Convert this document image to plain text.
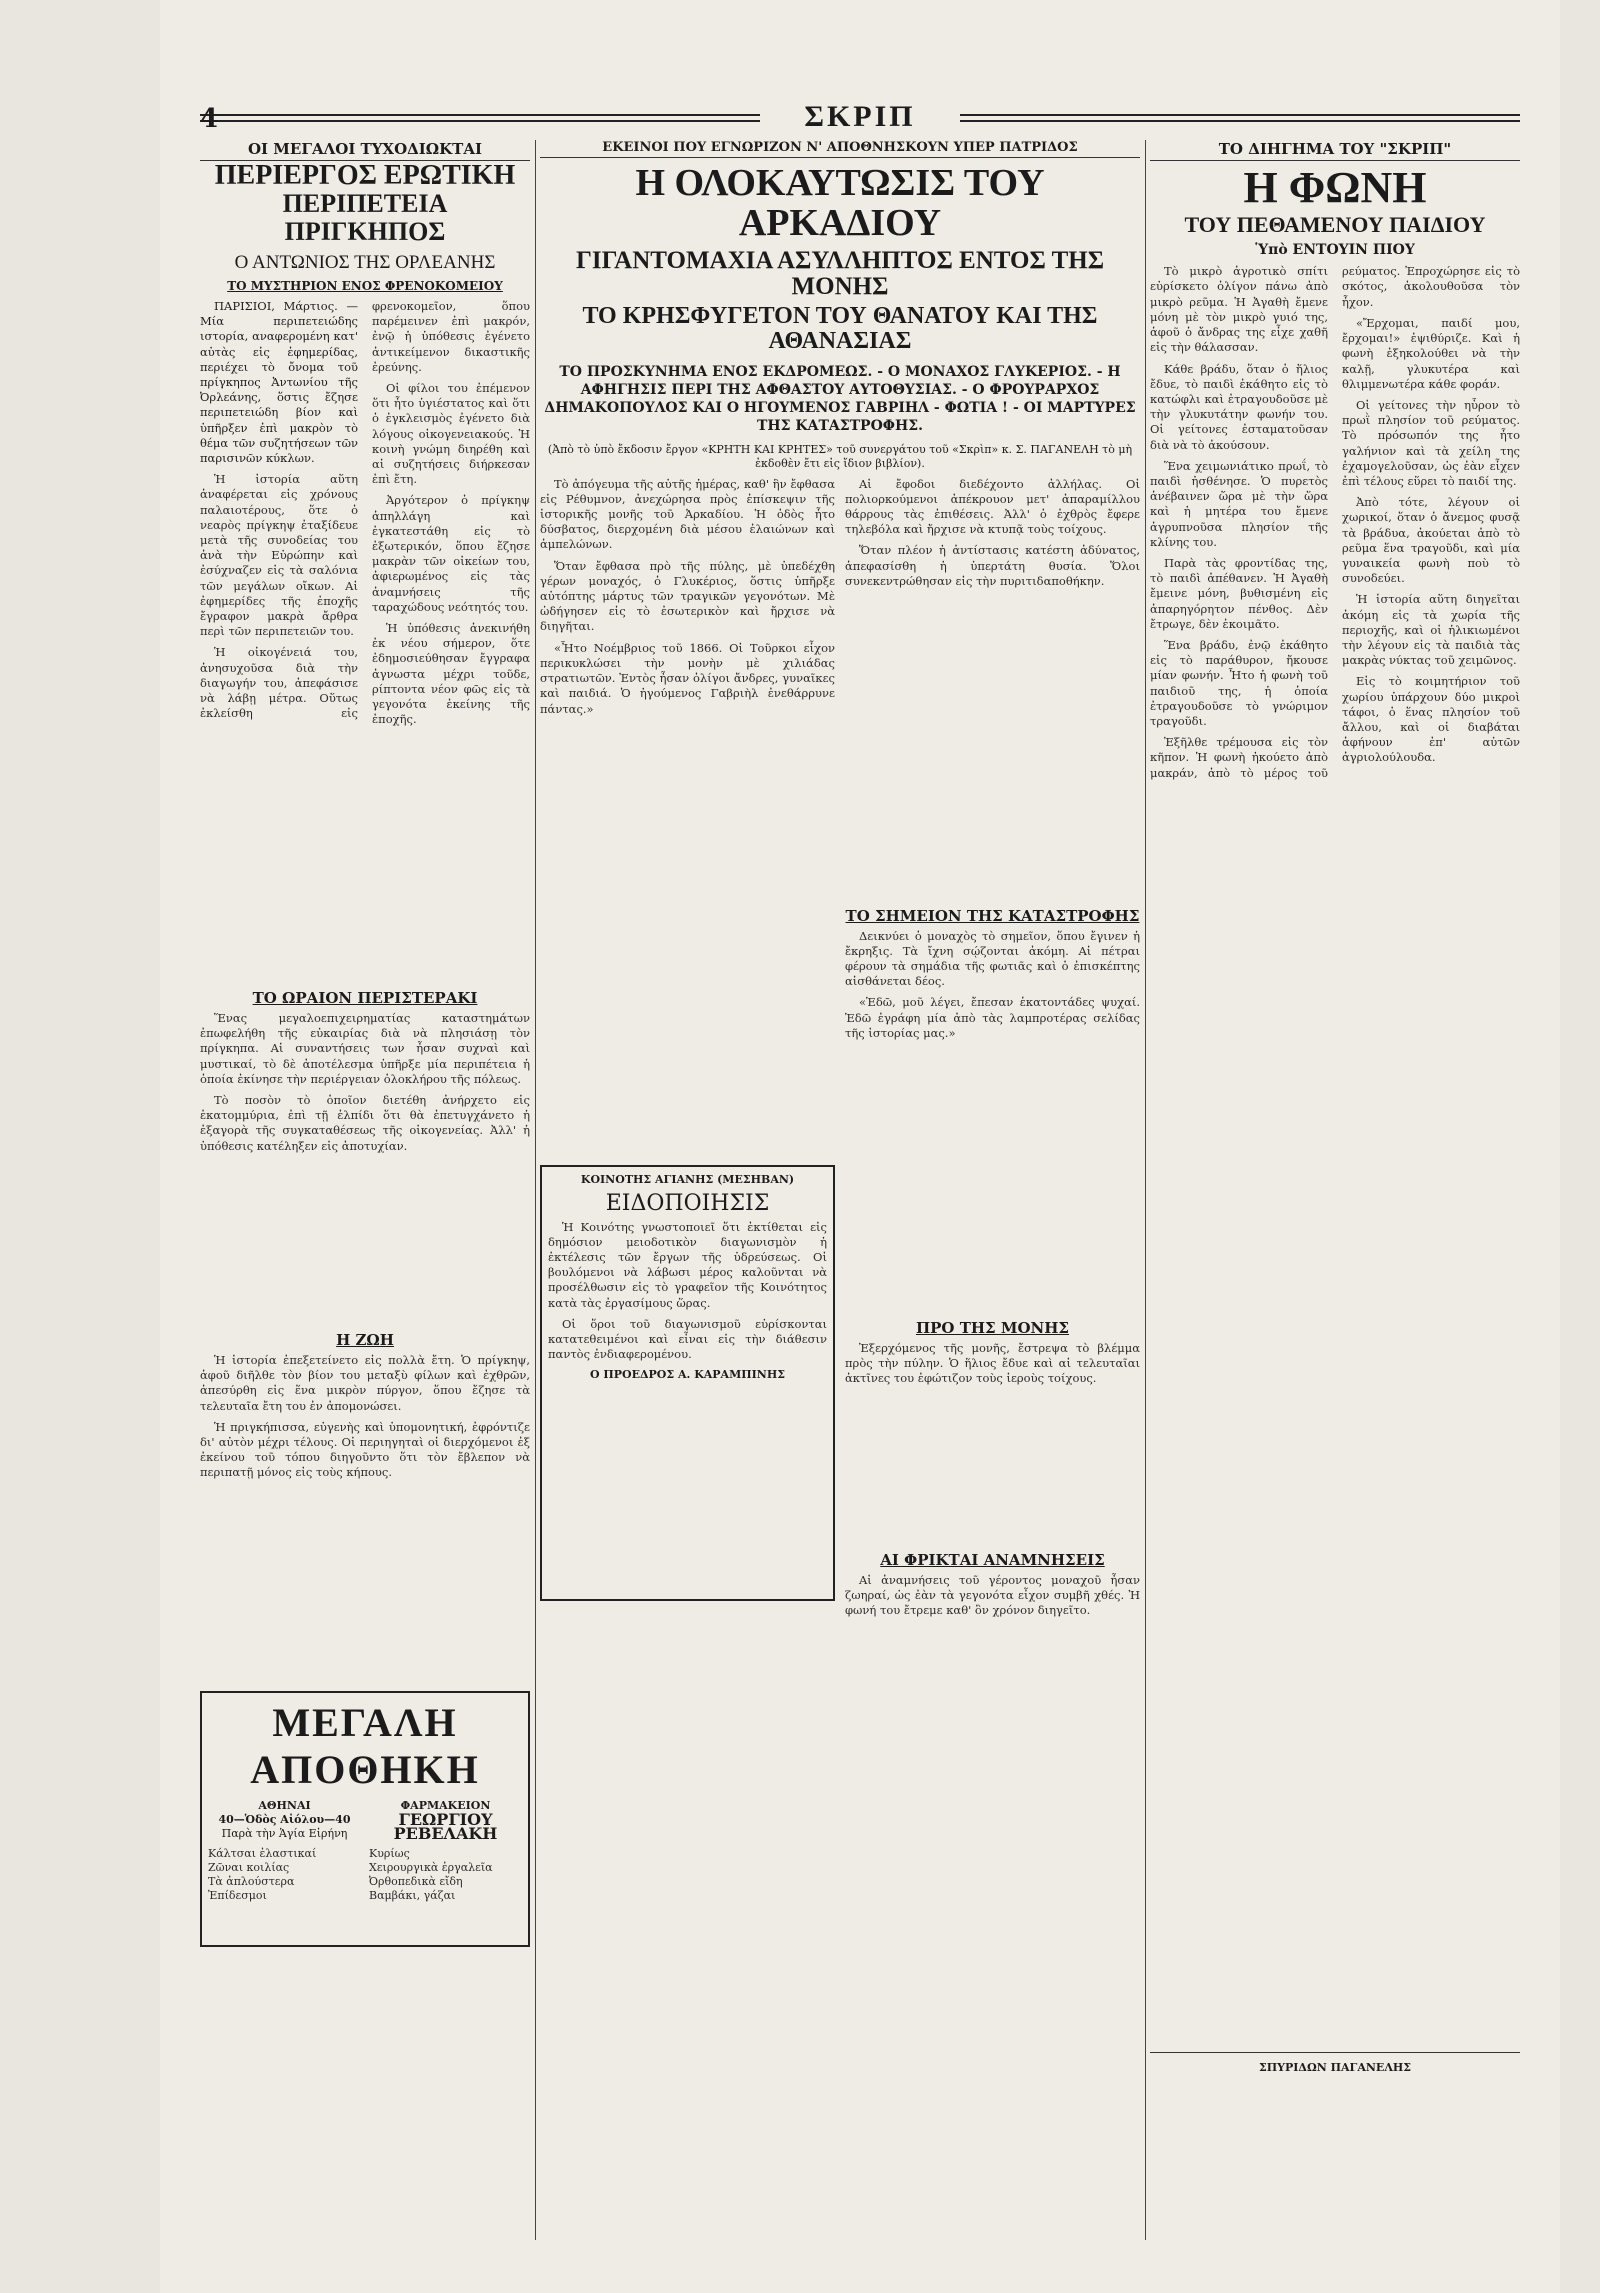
4	ΣΚΡΙΠ
ΟΙ ΜΕΓΑΛΟΙ ΤΥΧΟΔΙΩΚΤΑΙ
ΠΕΡΙΕΡΓΟΣ ΕΡΩΤΙΚΗ
ΠΕΡΙΠΕΤΕΙΑ ΠΡΙΓΚΗΠΟΣ
Ο ΑΝΤΩΝΙΟΣ ΤΗΣ ΟΡΛΕΑΝΗΣ
ΤΟ ΜΥΣΤΗΡΙΟΝ ΕΝΟΣ ΦΡΕΝΟΚΟΜΕΙΟΥ

ΠΑΡΙΣΙΟΙ, Μάρτιος. — Μία περιπετειώδης ιστορία, αναφερομένη κατ' αὐτὰς εἰς ἐφημερίδας, περιέχει τὸ ὄνομα τοῦ πρίγκηπος Ἀντωνίου τῆς Ὀρλεάνης, ὅστις ἔζησε περιπετειώδη βίον καὶ ὑπῆρξεν ἐπὶ μακρὸν τὸ θέμα τῶν συζητήσεων τῶν παρισινῶν κύκλων.

Ἡ ἱστορία αὕτη ἀναφέρεται εἰς χρόνους παλαιοτέρους, ὅτε ὁ νεαρὸς πρίγκηψ ἐταξίδευε μετὰ τῆς συνοδείας του ἀνὰ τὴν Εὐρώπην καὶ ἐσύχναζεν εἰς τὰ σαλόνια τῶν μεγάλων οἴκων. Αἱ ἐφημερίδες τῆς ἐποχῆς ἔγραφον μακρὰ ἄρθρα περὶ τῶν περιπετειῶν του.

Ἡ οἰκογένειά του, ἀνησυχοῦσα διὰ τὴν διαγωγήν του, ἀπεφάσισε νὰ λάβῃ μέτρα. Οὕτως ἐκλείσθη εἰς φρενοκομεῖον, ὅπου παρέμεινεν ἐπὶ μακρόν, ἐνῷ ἡ ὑπόθεσις ἐγένετο ἀντικείμενον δικαστικῆς ἐρεύνης.

Οἱ φίλοι του ἐπέμενον ὅτι ἦτο ὑγιέστατος καὶ ὅτι ὁ ἐγκλεισμὸς ἐγένετο διὰ λόγους οἰκογενειακούς. Ἡ κοινὴ γνώμη διηρέθη καὶ αἱ συζητήσεις διήρκεσαν ἐπὶ ἔτη.

Ἀργότερον ὁ πρίγκηψ ἀπηλλάγη καὶ ἐγκατεστάθη εἰς τὸ ἐξωτερικόν, ὅπου ἔζησε μακρὰν τῶν οἰκείων του, ἀφιερωμένος εἰς τὰς ἀναμνήσεις τῆς ταραχώδους νεότητός του.

Ἡ ὑπόθεσις ἀνεκινήθη ἐκ νέου σήμερον, ὅτε ἐδημοσιεύθησαν ἔγγραφα ἀγνωστα μέχρι τοῦδε, ρίπτοντα νέον φῶς εἰς τὰ γεγονότα ἐκείνης τῆς ἐποχῆς.

ΤΟ ΩΡΑΙΟΝ ΠΕΡΙΣΤΕΡΑΚΙ

Ἕνας μεγαλοεπιχειρηματίας καταστημάτων ἐπωφελήθη τῆς εὐκαιρίας διὰ νὰ πλησιάσῃ τὸν πρίγκηπα. Αἱ συναντήσεις των ἦσαν συχναὶ καὶ μυστικαί, τὸ δὲ ἀποτέλεσμα ὑπῆρξε μία περιπέτεια ἡ ὁποία ἐκίνησε τὴν περιέργειαν ὁλοκλήρου τῆς πόλεως.

Τὸ ποσὸν τὸ ὁποῖον διετέθη ἀνήρχετο εἰς ἑκατομμύρια, ἐπὶ τῇ ἐλπίδι ὅτι θὰ ἐπετυγχάνετο ἡ ἐξαγορὰ τῆς συγκαταθέσεως τῆς οἰκογενείας. Ἀλλ' ἡ ὑπόθεσις κατέληξεν εἰς ἀποτυχίαν.

Η ΖΩΗ

Ἡ ἱστορία ἐπεξετείνετο εἰς πολλὰ ἔτη. Ὁ πρίγκηψ, ἀφοῦ διῆλθε τὸν βίον του μεταξὺ φίλων καὶ ἐχθρῶν, ἀπεσύρθη εἰς ἕνα μικρὸν πύργον, ὅπου ἔζησε τὰ τελευταῖα ἔτη του ἐν ἀπομονώσει.

Ἡ πριγκήπισσα, εὐγενὴς καὶ ὑπομονητική, ἐφρόντιζε δι' αὐτὸν μέχρι τέλους. Οἱ περιηγηταὶ οἱ διερχόμενοι ἐξ ἐκείνου τοῦ τόπου διηγοῦντο ὅτι τὸν ἔβλεπον νὰ περιπατῇ μόνος εἰς τοὺς κήπους.

ΜΕΓΑΛΗ ΑΠΟΘΗΚΗ
ΑΘΗΝΑΙ
40—Ὁδὸς Αἰόλου—40
Παρὰ τὴν Ἁγία Εἰρήνη
Κάλτσαι ἐλαστικαί
Ζῶναι κοιλίας
Τὰ ἀπλούστερα
Ἐπίδεσμοι
ΦΑΡΜΑΚΕΙΟΝ
ΓΕΩΡΓΙΟΥ ΡΕΒΕΛΑΚΗ
Κυρίως
Χειρουργικὰ ἐργαλεῖα
Ὀρθοπεδικὰ εἴδη
Βαμβάκι, γάζαι
ΕΚΕΙΝΟΙ ΠΟΥ ΕΓΝΩΡΙΖΟΝ Ν' ΑΠΟΘΝΗΣΚΟΥΝ ΥΠΕΡ ΠΑΤΡΙΔΟΣ
Η ΟΛΟΚΑΥΤΩΣΙΣ ΤΟΥ ΑΡΚΑΔΙΟΥ
ΓΙΓΑΝΤΟΜΑΧΙΑ ΑΣΥΛΛΗΠΤΟΣ ΕΝΤΟΣ ΤΗΣ ΜΟΝΗΣ
ΤΟ ΚΡΗΣΦΥΓΕΤΟΝ ΤΟΥ ΘΑΝΑΤΟΥ ΚΑΙ ΤΗΣ ΑΘΑΝΑΣΙΑΣ
ΤΟ ΠΡΟΣΚΥΝΗΜΑ ΕΝΟΣ ΕΚΔΡΟΜΕΩΣ. - Ο ΜΟΝΑΧΟΣ ΓΛΥΚΕΡΙΟΣ. - Η ΑΦΗΓΗΣΙΣ ΠΕΡΙ ΤΗΣ ΑΦΘΑΣΤΟΥ ΑΥΤΟΘΥΣΙΑΣ. - Ο ΦΡΟΥΡΑΡΧΟΣ ΔΗΜΑΚΟΠΟΥΛΟΣ ΚΑΙ Ο ΗΓΟΥΜΕΝΟΣ ΓΑΒΡΙΗΛ - ΦΩΤΙΑ ! - ΟΙ ΜΑΡΤΥΡΕΣ ΤΗΣ ΚΑΤΑΣΤΡΟΦΗΣ.
(Ἀπὸ τὸ ὑπὸ ἔκδοσιν ἔργον «ΚΡΗΤΗ ΚΑΙ ΚΡΗΤΕΣ» τοῦ συνεργάτου τοῦ «Σκρὶπ» κ. Σ. ΠΑΓΑΝΕΛΗ τὸ μὴ ἐκδοθὲν ἔτι εἰς ἴδιον βιβλίον).

Τὸ ἀπόγευμα τῆς αὐτῆς ἡμέρας, καθ' ἣν ἔφθασα εἰς Ρέθυμνον, ἀνεχώρησα πρὸς ἐπίσκεψιν τῆς ἱστορικῆς μονῆς τοῦ Ἀρκαδίου. Ἡ ὁδὸς ἦτο δύσβατος, διερχομένη διὰ μέσου ἐλαιώνων καὶ ἀμπελώνων.

Ὅταν ἔφθασα πρὸ τῆς πύλης, μὲ ὑπεδέχθη γέρων μοναχός, ὁ Γλυκέριος, ὅστις ὑπῆρξε αὐτόπτης μάρτυς τῶν τραγικῶν γεγονότων. Μὲ ὡδήγησεν εἰς τὸ ἐσωτερικὸν καὶ ἤρχισε νὰ διηγῆται.

«Ἦτο Νοέμβριος τοῦ 1866. Οἱ Τοῦρκοι εἶχον περικυκλώσει τὴν μονὴν μὲ χιλιάδας στρατιωτῶν. Ἐντὸς ἦσαν ὀλίγοι ἄνδρες, γυναῖκες καὶ παιδιά. Ὁ ἡγούμενος Γαβριὴλ ἐνεθάρρυνε πάντας.»

ΚΟΙΝΟΤΗΣ ΑΓΙΑΝΗΣ (ΜΕΣΗΒΑΝ)
ΕΙΔΟΠΟΙΗΣΙΣ

Ἡ Κοινότης γνωστοποιεῖ ὅτι ἐκτίθεται εἰς δημόσιον μειοδοτικὸν διαγωνισμὸν ἡ ἐκτέλεσις τῶν ἔργων τῆς ὑδρεύσεως. Οἱ βουλόμενοι νὰ λάβωσι μέρος καλοῦνται νὰ προσέλθωσιν εἰς τὸ γραφεῖον τῆς Κοινότητος κατὰ τὰς ἐργασίμους ὥρας.

Οἱ ὅροι τοῦ διαγωνισμοῦ εὑρίσκονται κατατεθειμένοι καὶ εἶναι εἰς τὴν διάθεσιν παντὸς ἐνδιαφερομένου.

Ο ΠΡΟΕΔΡΟΣ Α. ΚΑΡΑΜΠΙΝΗΣ

Αἱ ἔφοδοι διεδέχοντο ἀλλήλας. Οἱ πολιορκούμενοι ἀπέκρουον μετ' ἀπαραμίλλου θάρρους τὰς ἐπιθέσεις. Ἀλλ' ὁ ἐχθρὸς ἔφερε τηλεβόλα καὶ ἤρχισε νὰ κτυπᾷ τοὺς τοίχους.

Ὅταν πλέον ἡ ἀντίστασις κατέστη ἀδύνατος, ἀπεφασίσθη ἡ ὑπερτάτη θυσία. Ὅλοι συνεκεντρώθησαν εἰς τὴν πυριτιδαποθήκην.

ΤΟ ΣΗΜΕΙΟΝ ΤΗΣ ΚΑΤΑΣΤΡΟΦΗΣ

Δεικνύει ὁ μοναχὸς τὸ σημεῖον, ὅπου ἔγινεν ἡ ἔκρηξις. Τὰ ἴχνη σῴζονται ἀκόμη. Αἱ πέτραι φέρουν τὰ σημάδια τῆς φωτιᾶς καὶ ὁ ἐπισκέπτης αἰσθάνεται δέος.

«Ἐδῶ, μοῦ λέγει, ἔπεσαν ἑκατοντάδες ψυχαί. Ἐδῶ ἐγράφη μία ἀπὸ τὰς λαμπροτέρας σελίδας τῆς ἱστορίας μας.»

ΠΡΟ ΤΗΣ ΜΟΝΗΣ

Ἐξερχόμενος τῆς μονῆς, ἔστρεψα τὸ βλέμμα πρὸς τὴν πύλην. Ὁ ἥλιος ἔδυε καὶ αἱ τελευταῖαι ἀκτῖνες του ἐφώτιζον τοὺς ἱεροὺς τοίχους.

ΑΙ ΦΡΙΚΤΑΙ ΑΝΑΜΝΗΣΕΙΣ

Αἱ ἀναμνήσεις τοῦ γέροντος μοναχοῦ ἦσαν ζωηραί, ὡς ἐὰν τὰ γεγονότα εἶχον συμβῆ χθές. Ἡ φωνή του ἔτρεμε καθ' ὃν χρόνον διηγεῖτο.

ΤΟ ΔΙΗΓΗΜΑ ΤΟΥ "ΣΚΡΙΠ"
Η ΦΩΝΗ
ΤΟΥ ΠΕΘΑΜΕΝΟΥ ΠΑΙΔΙΟΥ
Ὑπὸ ΕΝΤΟΥΙΝ ΠΙΟΥ

Τὸ μικρὸ ἀγροτικὸ σπίτι εὑρίσκετο ὀλίγον πάνω ἀπὸ μικρὸ ρεῦμα. Ἡ Ἀγαθὴ ἔμενε μόνη μὲ τὸν μικρὸ γυιό της, ἀφοῦ ὁ ἄνδρας της εἶχε χαθῆ εἰς τὴν θάλασσαν.

Κάθε βράδυ, ὅταν ὁ ἥλιος ἔδυε, τὸ παιδὶ ἐκάθητο εἰς τὸ κατώφλι καὶ ἐτραγουδοῦσε μὲ τὴν γλυκυτάτην φωνήν του. Οἱ γείτονες ἐσταματοῦσαν διὰ νὰ τὸ ἀκούσουν.

Ἕνα χειμωνιάτικο πρωΐ, τὸ παιδὶ ἠσθένησε. Ὁ πυρετὸς ἀνέβαινεν ὥρα μὲ τὴν ὥρα καὶ ἡ μητέρα του ἔμενε ἀγρυπνοῦσα πλησίον τῆς κλίνης του.

Παρὰ τὰς φροντίδας της, τὸ παιδὶ ἀπέθανεν. Ἡ Ἀγαθὴ ἔμεινε μόνη, βυθισμένη εἰς ἀπαρηγόρητον πένθος. Δὲν ἔτρωγε, δὲν ἐκοιμᾶτο.

Ἕνα βράδυ, ἐνῷ ἐκάθητο εἰς τὸ παράθυρον, ἤκουσε μίαν φωνήν. Ἦτο ἡ φωνὴ τοῦ παιδιοῦ της, ἡ ὁποία ἐτραγουδοῦσε τὸ γνώριμον τραγοῦδι.

Ἐξῆλθε τρέμουσα εἰς τὸν κῆπον. Ἡ φωνὴ ἠκούετο ἀπὸ μακράν, ἀπὸ τὸ μέρος τοῦ ρεύματος. Ἐπροχώρησε εἰς τὸ σκότος, ἀκολουθοῦσα τὸν ἦχον.

«Ἔρχομαι, παιδί μου, ἔρχομαι!» ἐψιθύριζε. Καὶ ἡ φωνὴ ἐξηκολούθει νὰ τὴν καλῇ, γλυκυτέρα καὶ θλιμμενωτέρα κάθε φοράν.

Οἱ γείτονες τὴν ηὗρον τὸ πρωῒ πλησίον τοῦ ρεύματος. Τὸ πρόσωπόν της ἦτο γαλήνιον καὶ τὰ χείλη της ἐχαμογελοῦσαν, ὡς ἐὰν εἶχεν ἐπὶ τέλους εὕρει τὸ παιδί της.

Ἀπὸ τότε, λέγουν οἱ χωρικοί, ὅταν ὁ ἄνεμος φυσᾷ τὰ βράδυα, ἀκούεται ἀπὸ τὸ ρεῦμα ἕνα τραγοῦδι, καὶ μία γυναικεία φωνὴ ποὺ τὸ συνοδεύει.

Ἡ ἱστορία αὕτη διηγεῖται ἀκόμη εἰς τὰ χωρία τῆς περιοχῆς, καὶ οἱ ἡλικιωμένοι τὴν λέγουν εἰς τὰ παιδιὰ τὰς μακρὰς νύκτας τοῦ χειμῶνος.

Εἰς τὸ κοιμητήριον τοῦ χωρίου ὑπάρχουν δύο μικροὶ τάφοι, ὁ ἕνας πλησίον τοῦ ἄλλου, καὶ οἱ διαβάται ἀφήνουν ἐπ' αὐτῶν ἀγριολούλουδα.

ΣΠΥΡΙΔΩΝ ΠΑΓΑΝΕΛΗΣ
